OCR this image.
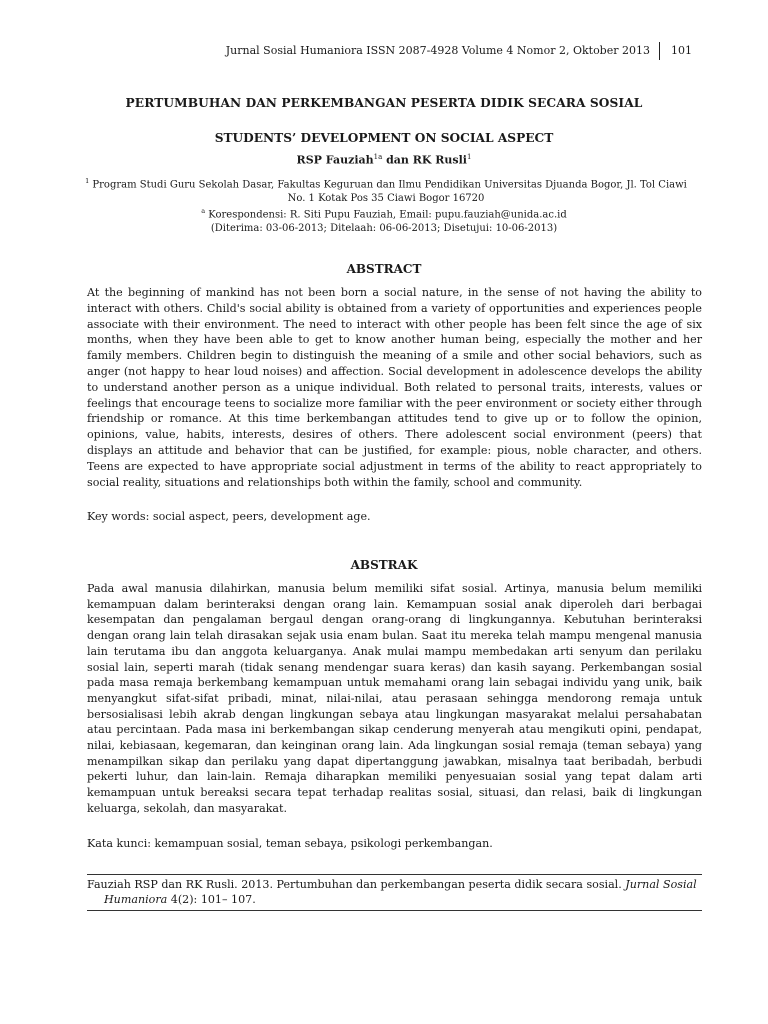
Jurnal Sosial Humaniora ISSN 2087-4928 Volume 4 Nomor 2, Oktober 2013 101
PERTUMBUHAN DAN PERKEMBANGAN PESERTA DIDIK SECARA SOSIAL
STUDENTS’ DEVELOPMENT ON SOCIAL ASPECT
RSP Fauziah$^{1a}$ dan RK Rusli$^1$
$^1$ Program Studi Guru Sekolah Dasar, Fakultas Keguruan dan Ilmu Pendidikan Universitas Djuanda Bogor, Jl. Tol Ciawi No. 1 Kotak Pos 35 Ciawi Bogor 16720
$^a$ Korespondensi: R. Siti Pupu Fauziah, Email: pupu.fauziah@unida.ac.id
(Diterima: 03-06-2013; Ditelaah: 06-06-2013; Disetujui: 10-06-2013)
ABSTRACT
At the beginning of mankind has not been born a social nature, in the sense of not having the ability to interact with others. Child's social ability is obtained from a variety of opportunities and experiences people associate with their environment. The need to interact with other people has been felt since the age of six months, when they have been able to get to know another human being, especially the mother and her family members. Children begin to distinguish the meaning of a smile and other social behaviors, such as anger (not happy to hear loud noises) and affection. Social development in adolescence develops the ability to understand another person as a unique individual. Both related to personal traits, interests, values or feelings that encourage teens to socialize more familiar with the peer environment or society either through friendship or romance. At this time berkembangan attitudes tend to give up or to follow the opinion, opinions, value, habits, interests, desires of others. There adolescent social environment (peers) that displays an attitude and behavior that can be justified, for example: pious, noble character, and others. Teens are expected to have appropriate social adjustment in terms of the ability to react appropriately to social reality, situations and relationships both within the family, school and community.
Key words: social aspect, peers, development age.
ABSTRAK
Pada awal manusia dilahirkan, manusia belum memiliki sifat sosial. Artinya, manusia belum memiliki kemampuan dalam berinteraksi dengan orang lain. Kemampuan sosial anak diperoleh dari berbagai kesempatan dan pengalaman bergaul dengan orang-orang di lingkungannya. Kebutuhan berinteraksi dengan orang lain telah dirasakan sejak usia enam bulan. Saat itu mereka telah mampu mengenal manusia lain terutama ibu dan anggota keluarganya. Anak mulai mampu membedakan arti senyum dan perilaku sosial lain, seperti marah (tidak senang mendengar suara keras) dan kasih sayang. Perkembangan sosial pada masa remaja berkembang kemampuan untuk memahami orang lain sebagai individu yang unik, baik menyangkut sifat-sifat pribadi, minat, nilai-nilai, atau perasaan sehingga mendorong remaja untuk bersosialisasi lebih akrab dengan lingkungan sebaya atau lingkungan masyarakat melalui persahabatan atau percintaan. Pada masa ini berkembangan sikap cenderung menyerah atau mengikuti opini, pendapat, nilai, kebiasaan, kegemaran, dan keinginan orang lain. Ada lingkungan sosial remaja (teman sebaya) yang menampilkan sikap dan perilaku yang dapat dipertanggung jawabkan, misalnya taat beribadah, berbudi pekerti luhur, dan lain-lain. Remaja diharapkan memiliki penyesuaian sosial yang tepat dalam arti kemampuan untuk bereaksi secara tepat terhadap realitas sosial, situasi, dan relasi, baik di lingkungan keluarga, sekolah, dan masyarakat.
Kata kunci: kemampuan sosial, teman sebaya, psikologi perkembangan.
Fauziah RSP dan RK Rusli. 2013. Pertumbuhan dan perkembangan peserta didik secara sosial. Jurnal Sosial Humaniora 4(2): 101– 107.
